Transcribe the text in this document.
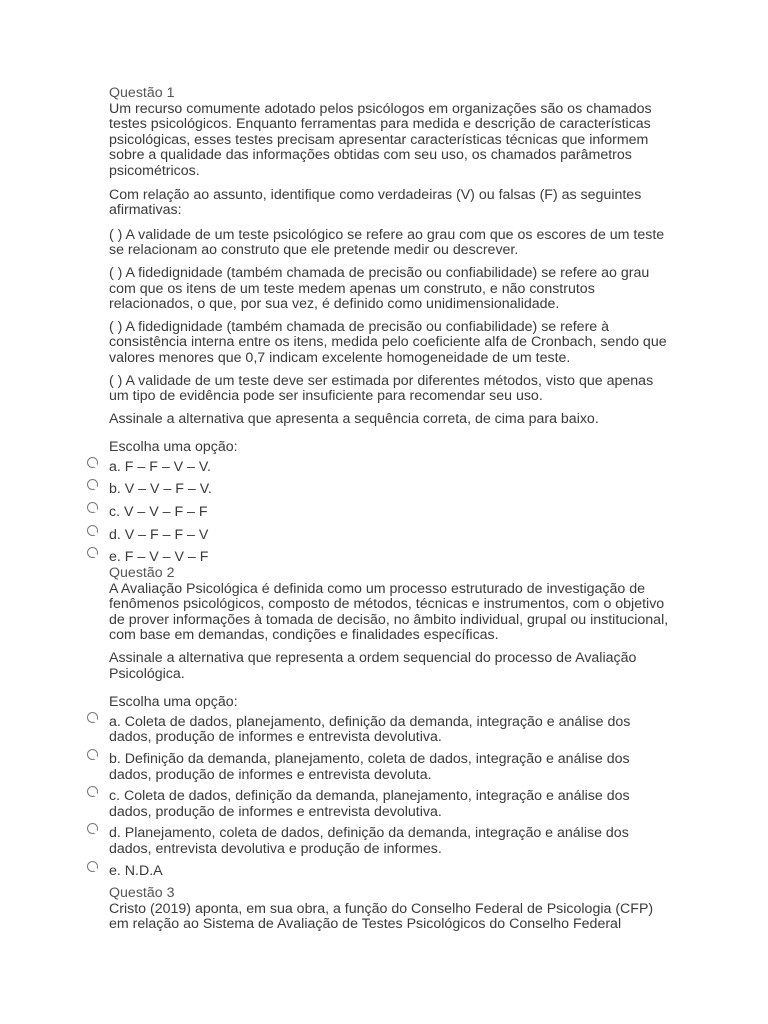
Questão 1

Um recurso comumente adotado pelos psicólogos em organizações são os chamados testes psicológicos. Enquanto ferramentas para medida e descrição de características psicológicas, esses testes precisam apresentar características técnicas que informem sobre a qualidade das informações obtidas com seu uso, os chamados parâmetros psicométricos.

Com relação ao assunto, identifique como verdadeiras (V) ou falsas (F) as seguintes afirmativas:

( ) A validade de um teste psicológico se refere ao grau com que os escores de um teste se relacionam ao construto que ele pretende medir ou descrever.

( ) A fidedignidade (também chamada de precisão ou confiabilidade) se refere ao grau com que os itens de um teste medem apenas um construto, e não construtos relacionados, o que, por sua vez, é definido como unidimensionalidade.

( ) A fidedignidade (também chamada de precisão ou confiabilidade) se refere à consistência interna entre os itens, medida pelo coeficiente alfa de Cronbach, sendo que valores menores que 0,7 indicam excelente homogeneidade de um teste.

( ) A validade de um teste deve ser estimada por diferentes métodos, visto que apenas um tipo de evidência pode ser insuficiente para recomendar seu uso.

Assinale a alternativa que apresenta a sequência correta, de cima para baixo.

Escolha uma opção:

a. F – F – V – V.
b. V – V – F – V.
c. V – V – F – F
d. V – F – F – V
e. F – V – V – F

Questão 2

A Avaliação Psicológica é definida como um processo estruturado de investigação de fenômenos psicológicos, composto de métodos, técnicas e instrumentos, com o objetivo de prover informações à tomada de decisão, no âmbito individual, grupal ou institucional, com base em demandas, condições e finalidades específicas.

Assinale a alternativa que representa a ordem sequencial do processo de Avaliação Psicológica.

Escolha uma opção:

a. Coleta de dados, planejamento, definição da demanda, integração e análise dos dados, produção de informes e entrevista devolutiva.
b. Definição da demanda, planejamento, coleta de dados, integração e análise dos dados, produção de informes e entrevista devoluta.
c. Coleta de dados, definição da demanda, planejamento, integração e análise dos dados, produção de informes e entrevista devolutiva.
d. Planejamento, coleta de dados, definição da demanda, integração e análise dos dados, entrevista devolutiva e produção de informes.
e. N.D.A

Questão 3

Cristo (2019) aponta, em sua obra, a função do Conselho Federal de Psicologia (CFP) em relação ao Sistema de Avaliação de Testes Psicológicos do Conselho Federal
